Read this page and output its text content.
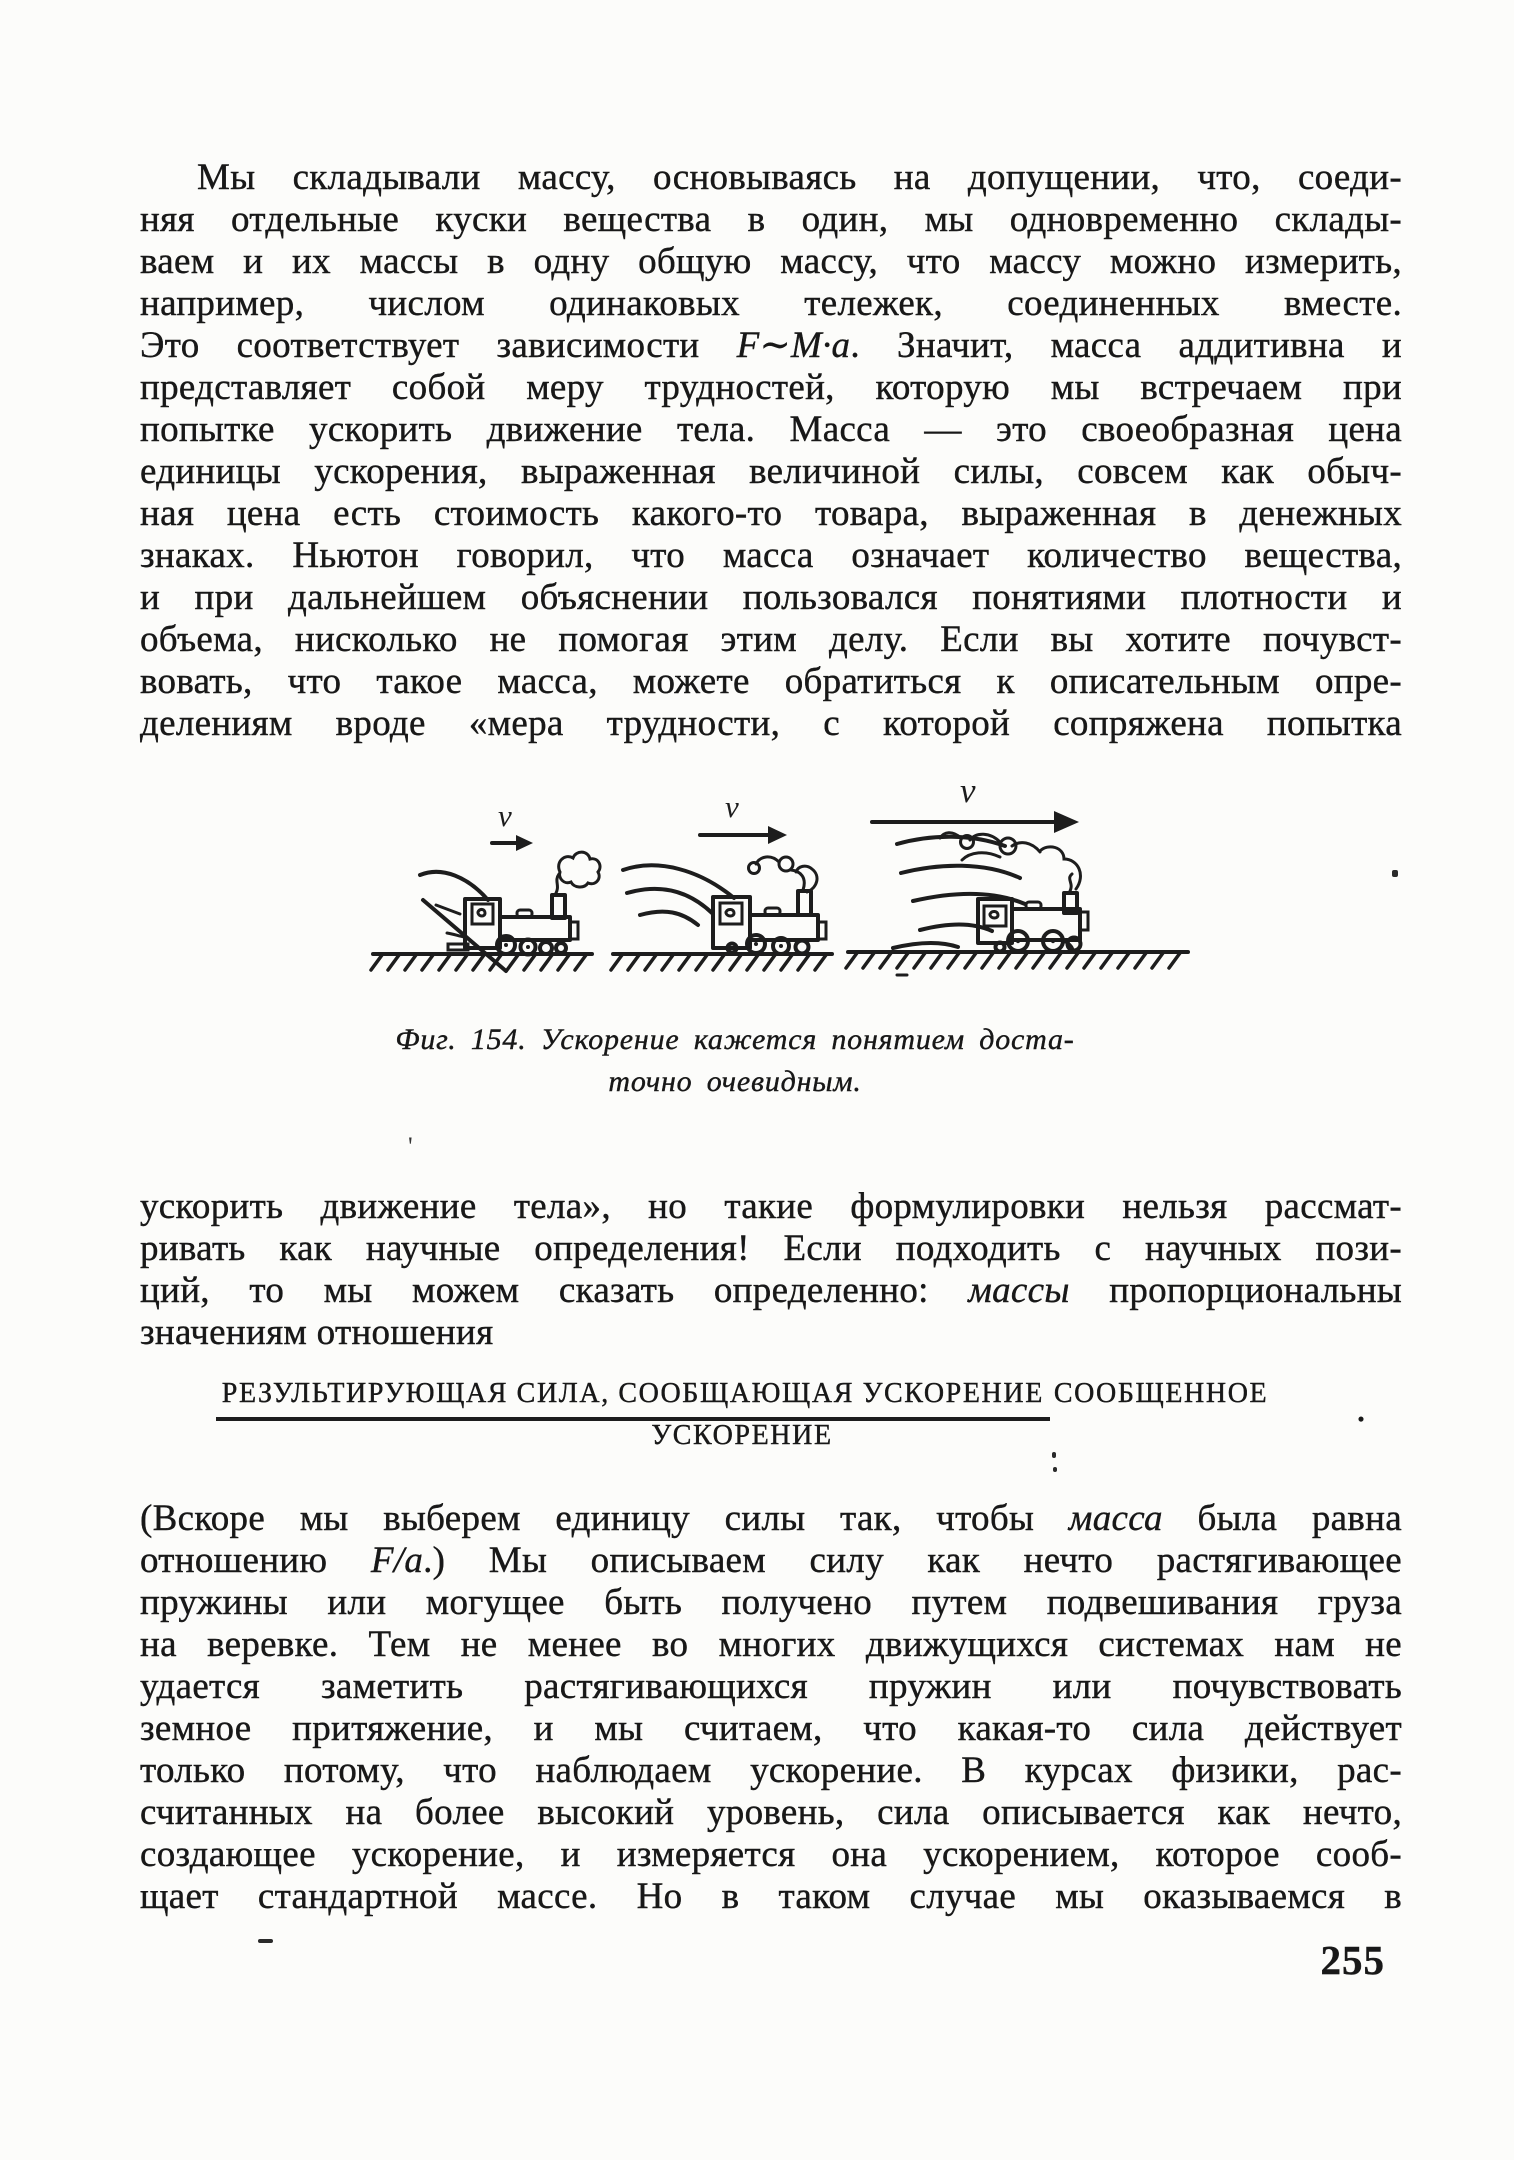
Мы складывали массу, основываясь на допущении, что, соеди-
няя отдельные куски вещества в один, мы одновременно склады-
ваем и их массы в одну общую массу, что массу можно измерить,
например, числом одинаковых тележек, соединенных вместе.
Это соответствует зависимости F∼M·a. Значит, масса аддитивна и
представляет собой меру трудностей, которую мы встречаем при
попытке ускорить движение тела. Масса — это своеобразная цена
единицы ускорения, выраженная величиной силы, совсем как обыч-
ная цена есть стоимость какого-то товара, выраженная в денежных
знаках. Ньютон говорил, что масса означает количество вещества,
и при дальнейшем объяснении пользовался понятиями плотности и
объема, нисколько не помогая этим делу. Если вы хотите почувст-
вовать, что такое масса, можете обратиться к описательным опре-
делениям вроде «мера трудности, с которой сопряжена попытка
v	v	v
Фиг. 154. Ускорение кажется понятием доста-
точно очевидным.
ускорить движение тела», но такие формулировки нельзя рассмат-
ривать как научные определения! Если подходить с научных пози-
ций, то мы можем сказать определенно: массы пропорциональны
значениям отношения
РЕЗУЛЬТИРУЮЩАЯ СИЛА, СООБЩАЮЩАЯ УСКОРЕНИЕ СООБЩЕННОЕ УСКОРЕНИЕ
.
(Вскоре мы выберем единицу силы так, чтобы масса была равна
отношению F/a.) Мы описываем силу как нечто растягивающее
пружины или могущее быть получено путем подвешивания груза
на веревке. Тем не менее во многих движущихся системах нам не
удается заметить растягивающихся пружин или почувствовать
земное притяжение, и мы считаем, что какая-то сила действует
только потому, что наблюдаем ускорение. В курсах физики, рас-
считанных на более высокий уровень, сила описывается как нечто,
создающее ускорение, и измеряется она ускорением, которое сооб-
щает стандартной массе. Но в таком случае мы оказываемся в
255
'
